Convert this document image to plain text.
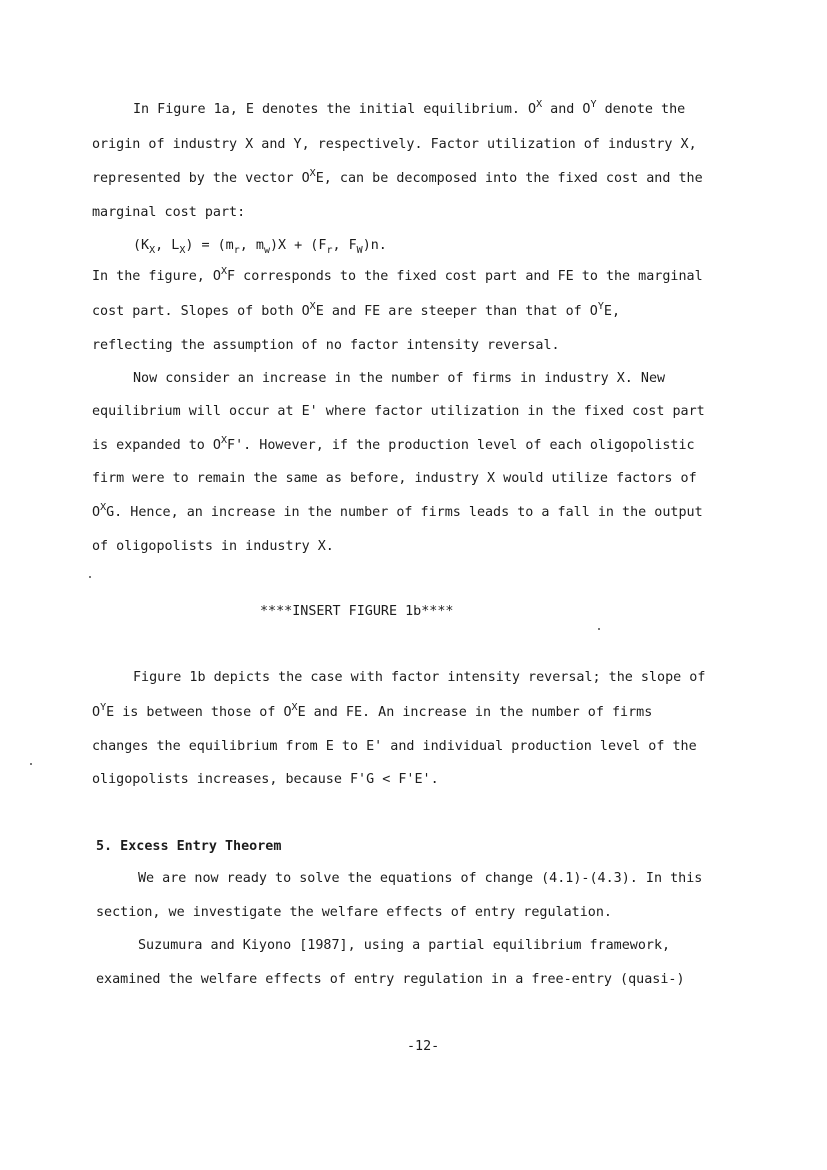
In Figure 1a, E denotes the initial equilibrium. $O^X$ and $O^Y$ denote the
origin of industry X and Y, respectively. Factor utilization of industry X,
represented by the vector $O^XE$, can be decomposed into the fixed cost and the
marginal cost part:
($K_X$, $L_X) = (m_r$, $m_w)X + (F_r$, $F_W)n$.
In the figure, $O^XF$ corresponds to the fixed cost part and FE to the marginal
cost part. Slopes of both $O^XE$ and FE are steeper than that of $O^YE$,
reflecting the assumption of no factor intensity reversal.
Now consider an increase in the number of firms in industry X. New
equilibrium will occur at E' where factor utilization in the fixed cost part
is expanded to $O^XF'$. However, if the production level of each oligopolistic
firm were to remain the same as before, industry X would utilize factors of
$O^XG$. Hence, an increase in the number of firms leads to a fall in the output
of oligopolists in industry X.
****INSERT FIGURE 1b****
Figure 1b depicts the case with factor intensity reversal; the slope of
$O^YE$ is between those of $O^XE$ and FE. An increase in the number of firms
changes the equilibrium from E to E' and individual production level of the
oligopolists increases, because F'G < F'E'.
5. Excess Entry Theorem
We are now ready to solve the equations of change (4.1)-(4.3). In this
section, we investigate the welfare effects of entry regulation.
Suzumura and Kiyono [1987], using a partial equilibrium framework,
examined the welfare effects of entry regulation in a free-entry (quasi-)
-12-
